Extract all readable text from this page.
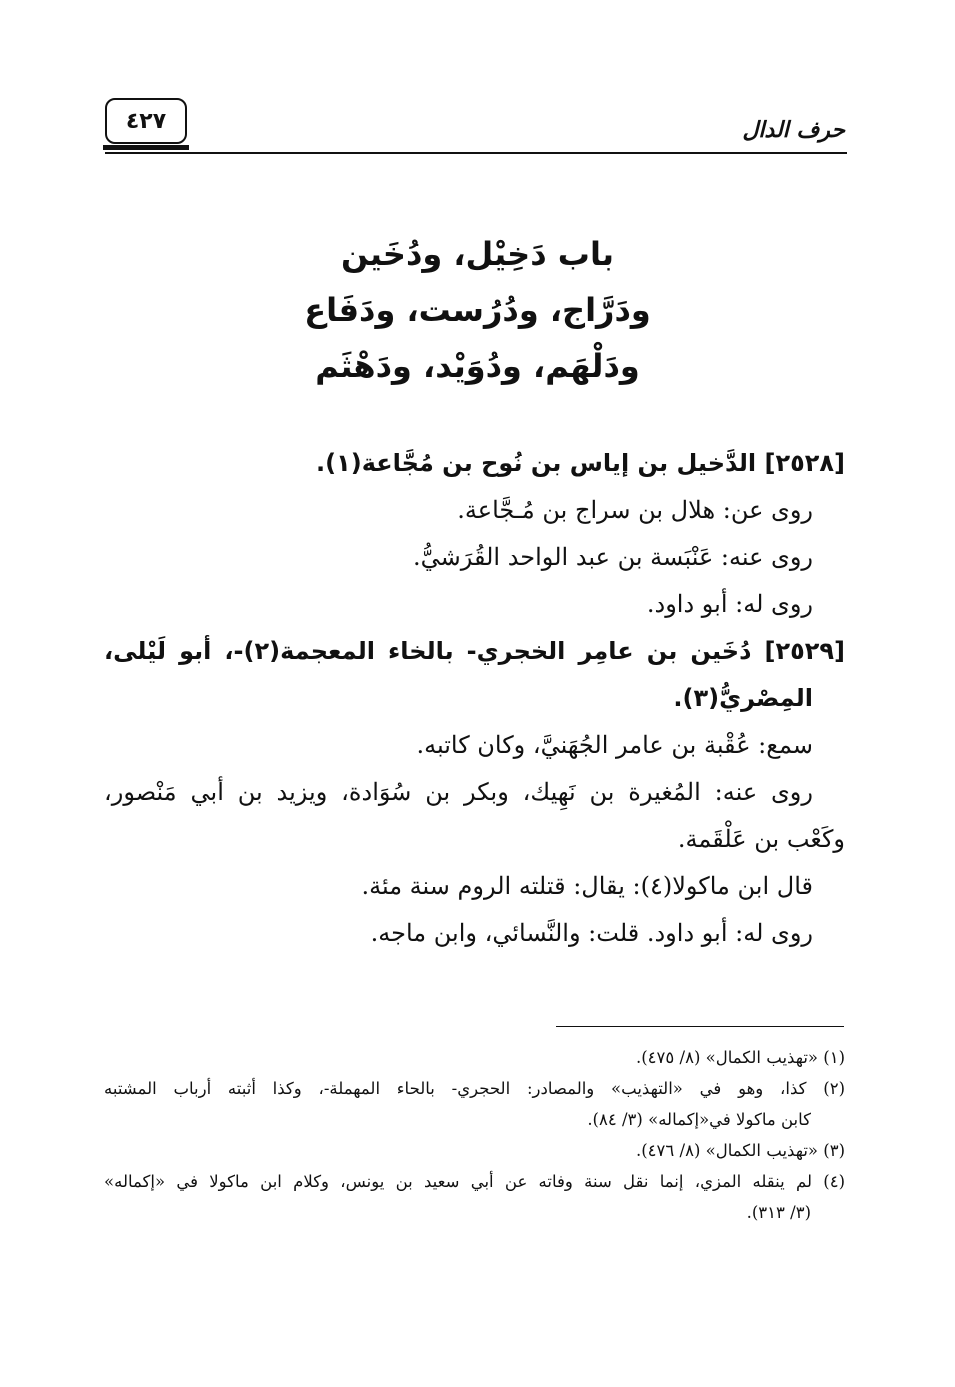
حرف الدال
٤٢٧
باب دَخِيْل، ودُخَين
ودَرَّاج، ودُرُست، ودَفَاع
ودَلْهَم، ودُوَيْد، ودَهْثَم
[٢٥٢٨] الدَّخيل بن إياس بن نُوح بن مُجَّاعة(١).
روى عن: هلال بن سراج بن مُـجَّاعة.
روى عنه: عَنْبَسة بن عبد الواحد القُرَشيُّ.
روى له: أبو داود.
[٢٥٢٩] دُخَين بن عامِر الخجري- بالخاء المعجمة(٢)-، أبو لَيْلى،
المِصْريُّ(٣).
سمع: عُقْبة بن عامر الجُهَنيَّ، وكان كاتبه.
روى عنه: المُغيرة بن نَهِيك، وبكر بن سُوَادة، ويزيد بن أبي مَنْصور،
وكَعْب بن عَلْقَمة.
قال ابن ماكولا(٤): يقال: قتلته الروم سنة مئة.
روى له: أبو داود. قلت: والنَّسائي، وابن ماجه.
(١) «تهذيب الكمال» (٨/ ٤٧٥).
(٢) كذا، وهو في «التهذيب» والمصادر: الحجري- بالحاء المهملة-، وكذا أثبته أرباب المشتبه
كابن ماكولا في«إكماله» (٣/ ٨٤).
(٣) «تهذيب الكمال» (٨/ ٤٧٦).
(٤) لم ينقله المزي، إنما نقل سنة وفاته عن أبي سعيد بن يونس، وكلام ابن ماكولا في «إكماله»
(٣/ ٣١٣).
